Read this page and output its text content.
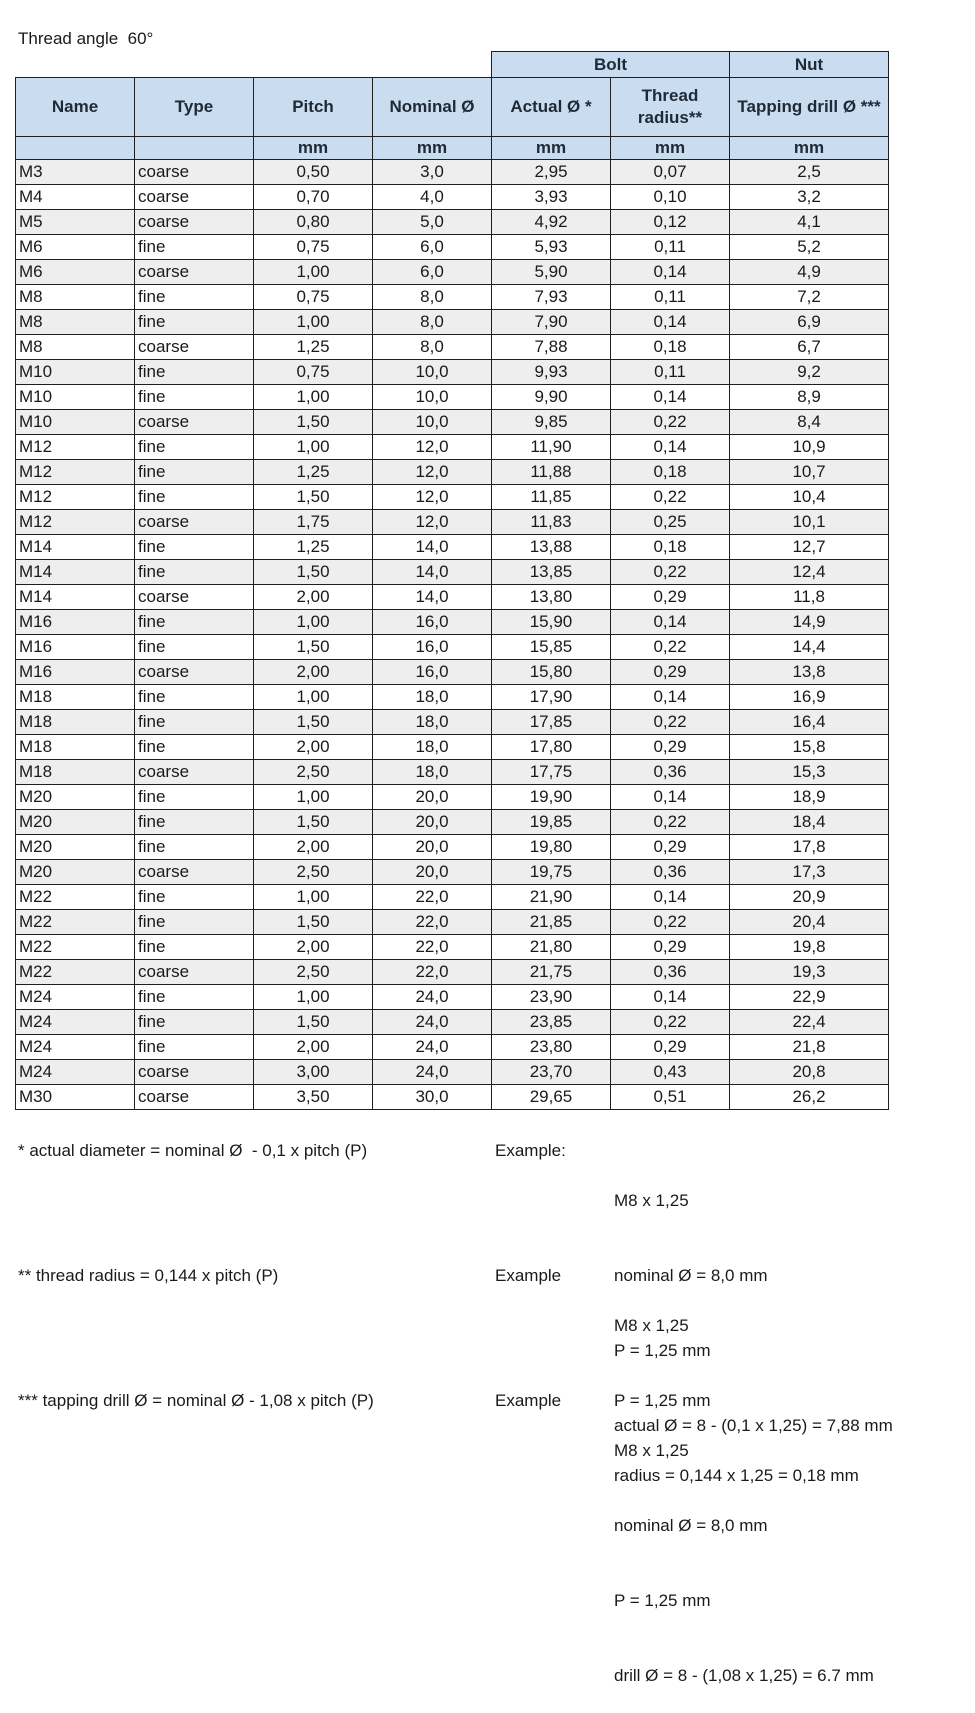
Thread angle  60°
				Bolt		Nut
Name	Type	Pitch	Nominal Ø	Actual Ø *	Thread radius**	Tapping drill Ø ***
		mm	mm	mm	mm	mm
M3	coarse	0,50	3,0	2,95	0,07	2,5
M4	coarse	0,70	4,0	3,93	0,10	3,2
M5	coarse	0,80	5,0	4,92	0,12	4,1
M6	fine	0,75	6,0	5,93	0,11	5,2
M6	coarse	1,00	6,0	5,90	0,14	4,9
M8	fine	0,75	8,0	7,93	0,11	7,2
M8	fine	1,00	8,0	7,90	0,14	6,9
M8	coarse	1,25	8,0	7,88	0,18	6,7
M10	fine	0,75	10,0	9,93	0,11	9,2
M10	fine	1,00	10,0	9,90	0,14	8,9
M10	coarse	1,50	10,0	9,85	0,22	8,4
M12	fine	1,00	12,0	11,90	0,14	10,9
M12	fine	1,25	12,0	11,88	0,18	10,7
M12	fine	1,50	12,0	11,85	0,22	10,4
M12	coarse	1,75	12,0	11,83	0,25	10,1
M14	fine	1,25	14,0	13,88	0,18	12,7
M14	fine	1,50	14,0	13,85	0,22	12,4
M14	coarse	2,00	14,0	13,80	0,29	11,8
M16	fine	1,00	16,0	15,90	0,14	14,9
M16	fine	1,50	16,0	15,85	0,22	14,4
M16	coarse	2,00	16,0	15,80	0,29	13,8
M18	fine	1,00	18,0	17,90	0,14	16,9
M18	fine	1,50	18,0	17,85	0,22	16,4
M18	fine	2,00	18,0	17,80	0,29	15,8
M18	coarse	2,50	18,0	17,75	0,36	15,3
M20	fine	1,00	20,0	19,90	0,14	18,9
M20	fine	1,50	20,0	19,85	0,22	18,4
M20	fine	2,00	20,0	19,80	0,29	17,8
M20	coarse	2,50	20,0	19,75	0,36	17,3
M22	fine	1,00	22,0	21,90	0,14	20,9
M22	fine	1,50	22,0	21,85	0,22	20,4
M22	fine	2,00	22,0	21,80	0,29	19,8
M22	coarse	2,50	22,0	21,75	0,36	19,3
M24	fine	1,00	24,0	23,90	0,14	22,9
M24	fine	1,50	24,0	23,85	0,22	22,4
M24	fine	2,00	24,0	23,80	0,29	21,8
M24	coarse	3,00	24,0	23,70	0,43	20,8
M30	coarse	3,50	30,0	29,65	0,51	26,2
* actual diameter = nominal Ø  - 0,1 x pitch (P)	Example:

M8 x 1,25

nominal Ø = 8,0 mm

P = 1,25 mm

actual Ø = 8 - (0,1 x 1,25) = 7,88 mm

** thread radius = 0,144 x pitch (P)	Example

M8 x 1,25

P = 1,25 mm

radius = 0,144 x 1,25 = 0,18 mm

*** tapping drill Ø = nominal Ø - 1,08 x pitch (P)	Example

M8 x 1,25

nominal Ø = 8,0 mm

P = 1,25 mm

drill Ø = 8 - (1,08 x 1,25) = 6.7 mm
